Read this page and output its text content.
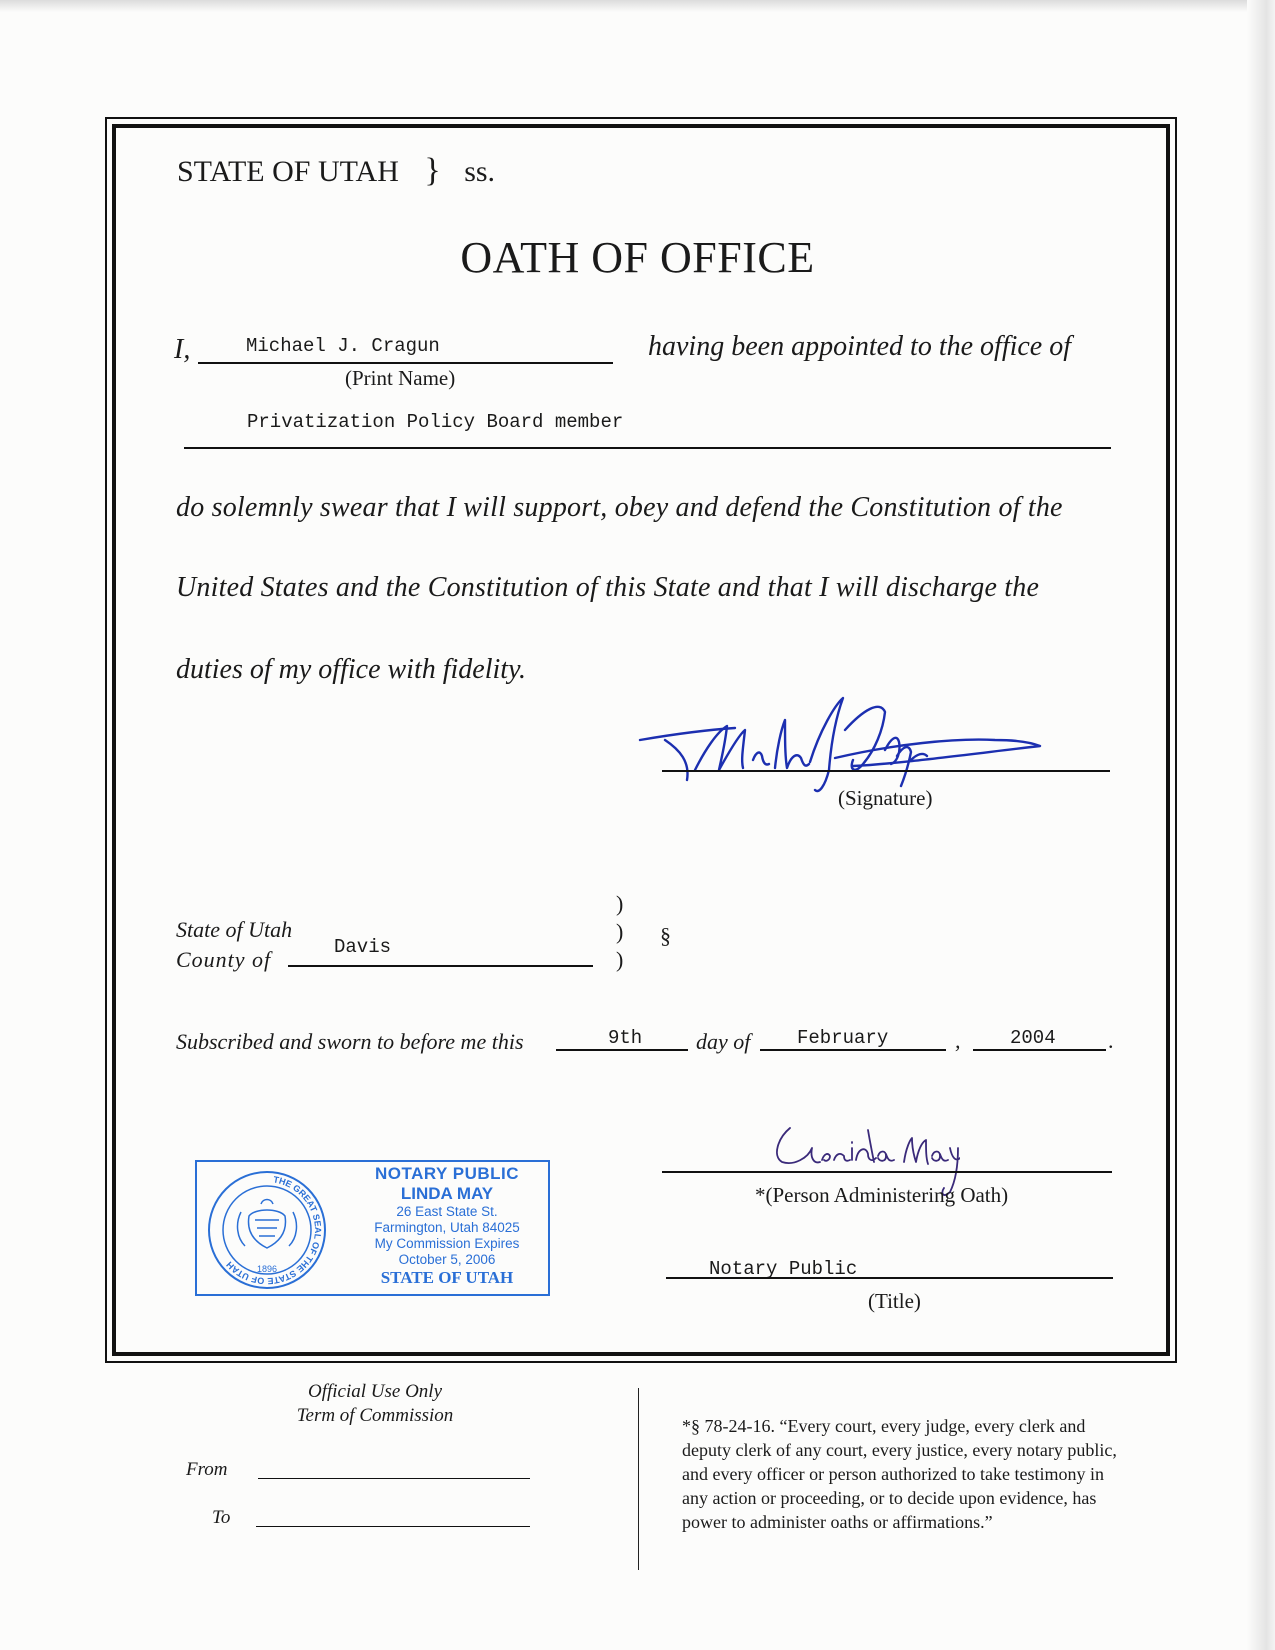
STATE OF UTAH } ss.
OATH OF OFFICE
I,	Michael J. Cragun
(Print Name)
having been appointed to the office of
Privatization Policy Board member
do solemnly swear that I will support, obey and defend the Constitution of the
United States and the Constitution of this State and that I will discharge the
duties of my office with fidelity.
(Signature)
State of Utah
County of	Davis
)
)
)
§
Subscribed and sworn to before me this	9th day of February	,	2004 .
THE GREAT SEAL OF THE STATE OF UTAH	1896
NOTARY PUBLIC
LINDA MAY
26 East State St.
Farmington, Utah 84025
My Commission Expires
October 5, 2006
STATE OF UTAH
*(Person Administering Oath)
Notary Public
(Title)
Official Use Only
Term of Commission
From
To
*§ 78-24-16. “Every court, every judge, every clerk and
deputy clerk of any court, every justice, every notary public,
and every officer or person authorized to take testimony in
any action or proceeding, or to decide upon evidence, has
power to administer oaths or affirmations.”
